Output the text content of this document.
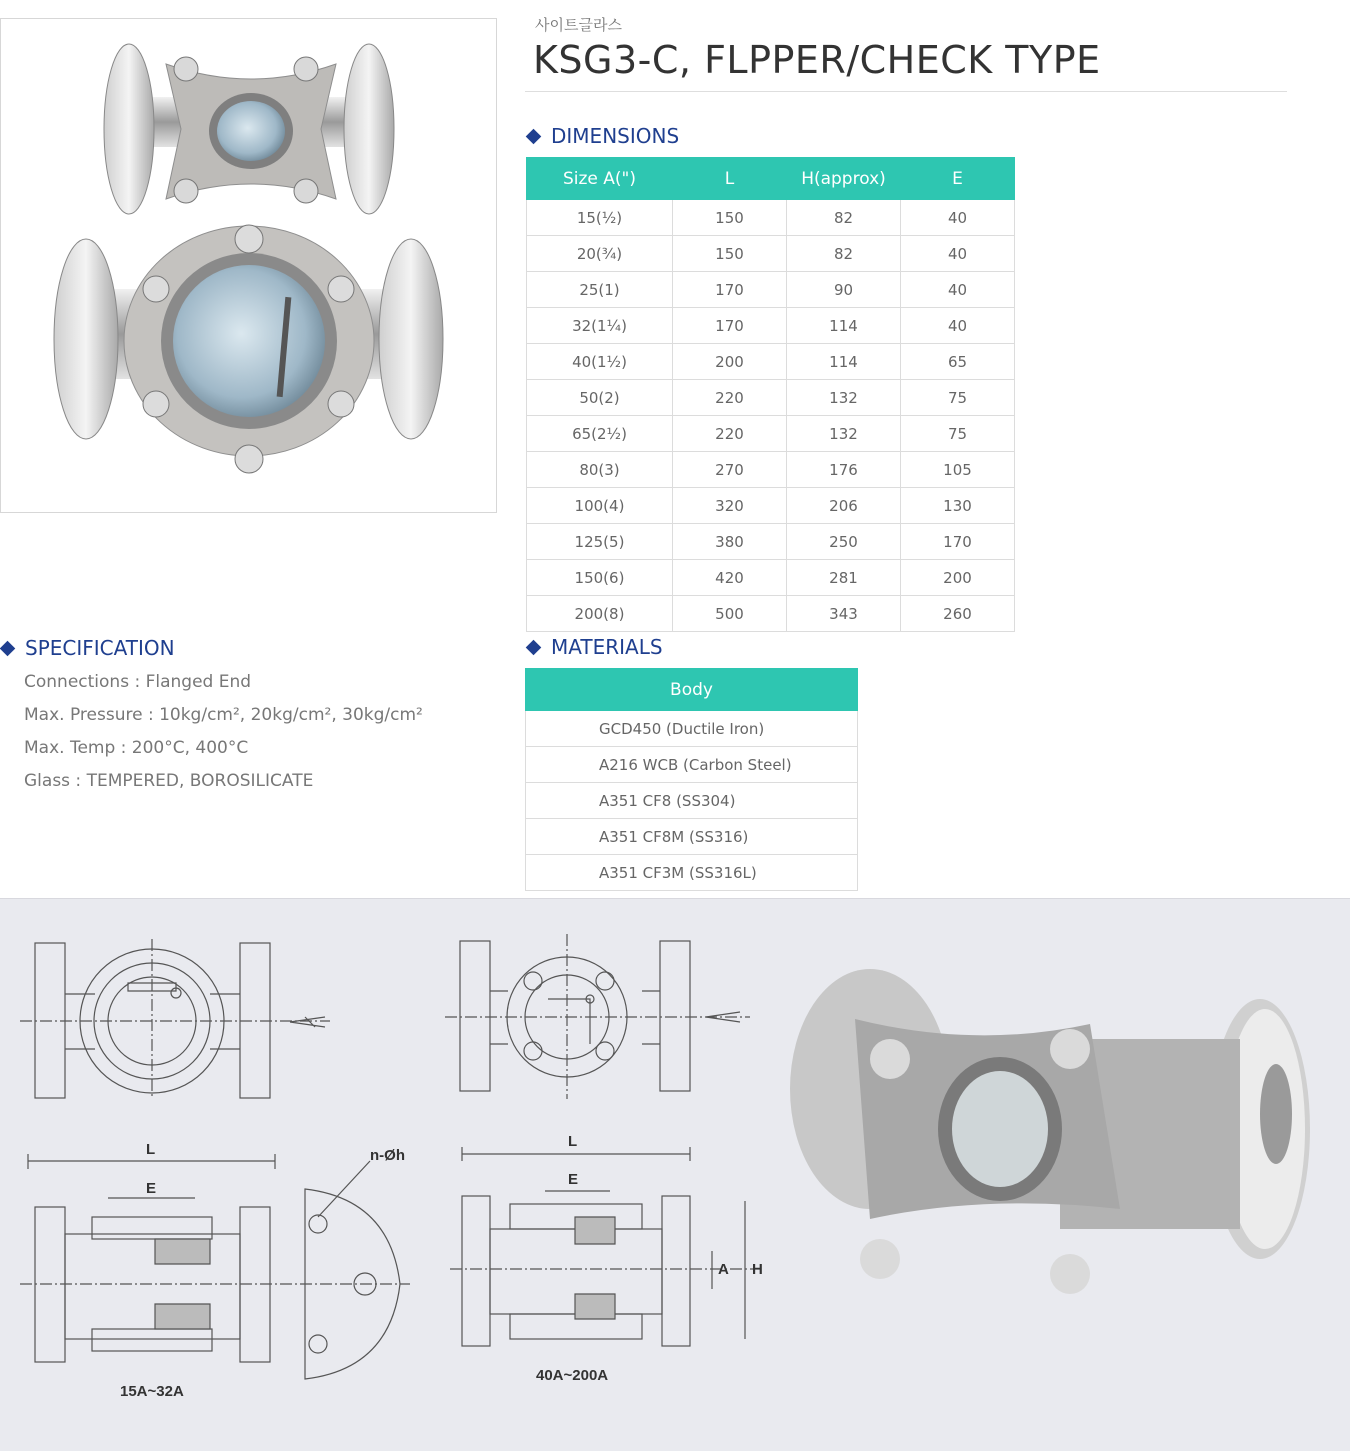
사이트글라스
KSG3-C, FLPPER/CHECK TYPE
DIMENSIONS
Size A(")	L	H(approx)	E
15(½)	150	82	40
20(¾)	150	82	40
25(1)	170	90	40
32(1¼)	170	114	40
40(1½)	200	114	65
50(2)	220	132	75
65(2½)	220	132	75
80(3)	270	176	105
100(4)	320	206	130
125(5)	380	250	170
150(6)	420	281	200
200(8)	500	343	260
SPECIFICATION
Connections : Flanged End
Max. Pressure : 10kg/cm², 20kg/cm², 30kg/cm²
Max. Temp : 200°C, 400°C
Glass : TEMPERED, BOROSILICATE
MATERIALS
Body
GCD450 (Ductile Iron)
A216 WCB (Carbon Steel)
A351 CF8 (SS304)
A351 CF8M (SS316)
A351 CF3M (SS316L)
L
E
n-Øh
15A~32A
L
E
A H
40A~200A
